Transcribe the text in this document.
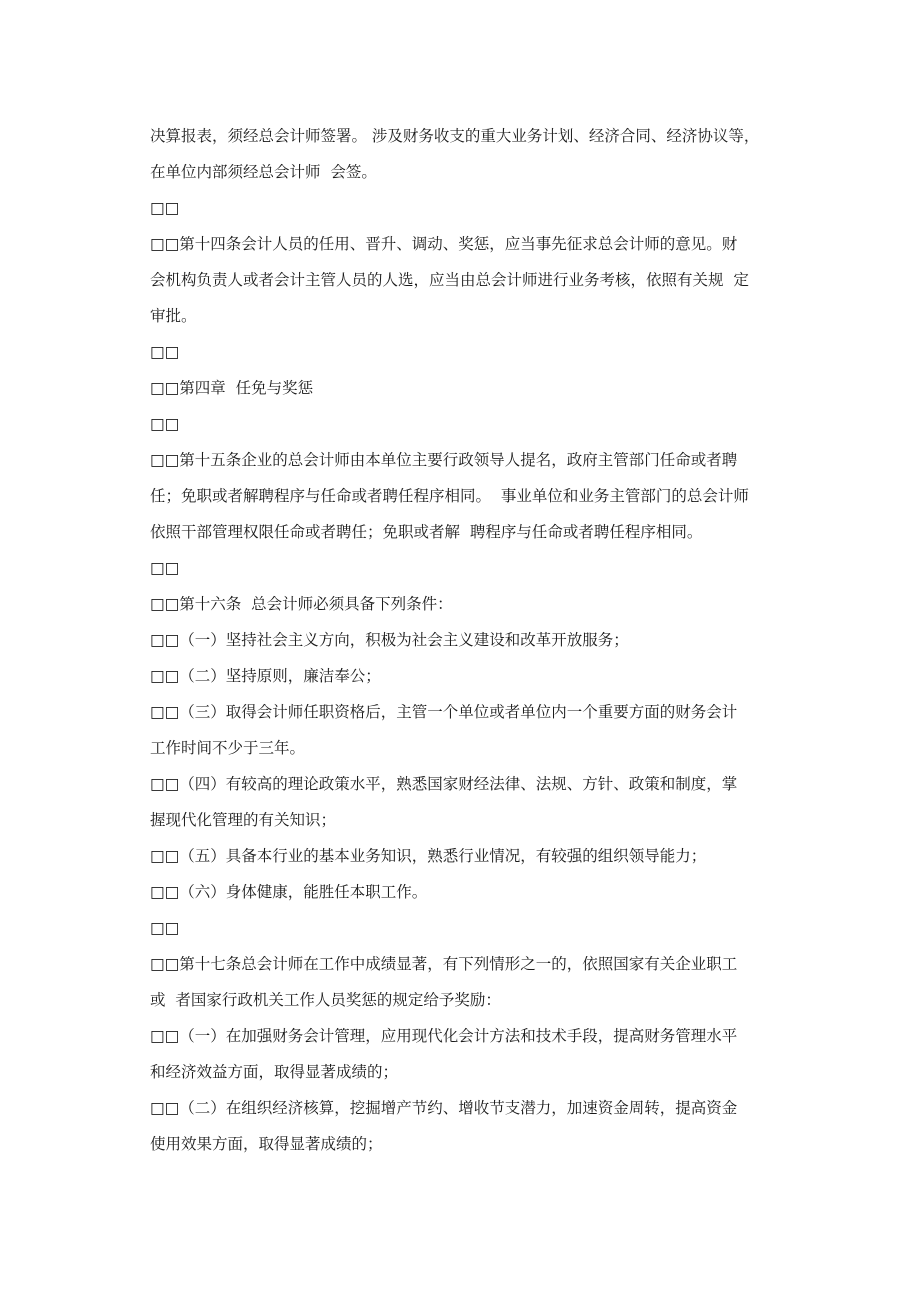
决算报表，须经总会计师签署。 涉及财务收支的重大业务计划、经济合同、经济协议等，
在单位内部须经总会计师  会签。
□□
□□第十四条会计人员的任用、晋升、调动、奖惩，应当事先征求总会计师的意见。财
会机构负责人或者会计主管人员的人选，应当由总会计师进行业务考核，依照有关规  定
审批。
□□
□□第四章  任免与奖惩
□□
□□第十五条企业的总会计师由本单位主要行政领导人提名，政府主管部门任命或者聘
任；免职或者解聘程序与任命或者聘任程序相同。  事业单位和业务主管部门的总会计师
依照干部管理权限任命或者聘任；免职或者解  聘程序与任命或者聘任程序相同。
□□
□□第十六条  总会计师必须具备下列条件：
□□（一）坚持社会主义方向，积极为社会主义建设和改革开放服务；
□□（二）坚持原则，廉洁奉公；
□□（三）取得会计师任职资格后，主管一个单位或者单位内一个重要方面的财务会计
工作时间不少于三年。
□□（四）有较高的理论政策水平，熟悉国家财经法律、法规、方针、政策和制度，掌
握现代化管理的有关知识；
□□（五）具备本行业的基本业务知识，熟悉行业情况，有较强的组织领导能力；
□□（六）身体健康，能胜任本职工作。
□□
□□第十七条总会计师在工作中成绩显著，有下列情形之一的，依照国家有关企业职工
或  者国家行政机关工作人员奖惩的规定给予奖励：
□□（一）在加强财务会计管理，应用现代化会计方法和技术手段，提高财务管理水平
和经济效益方面，取得显著成绩的；
□□（二）在组织经济核算，挖掘增产节约、增收节支潜力，加速资金周转，提高资金
使用效果方面，取得显著成绩的；
